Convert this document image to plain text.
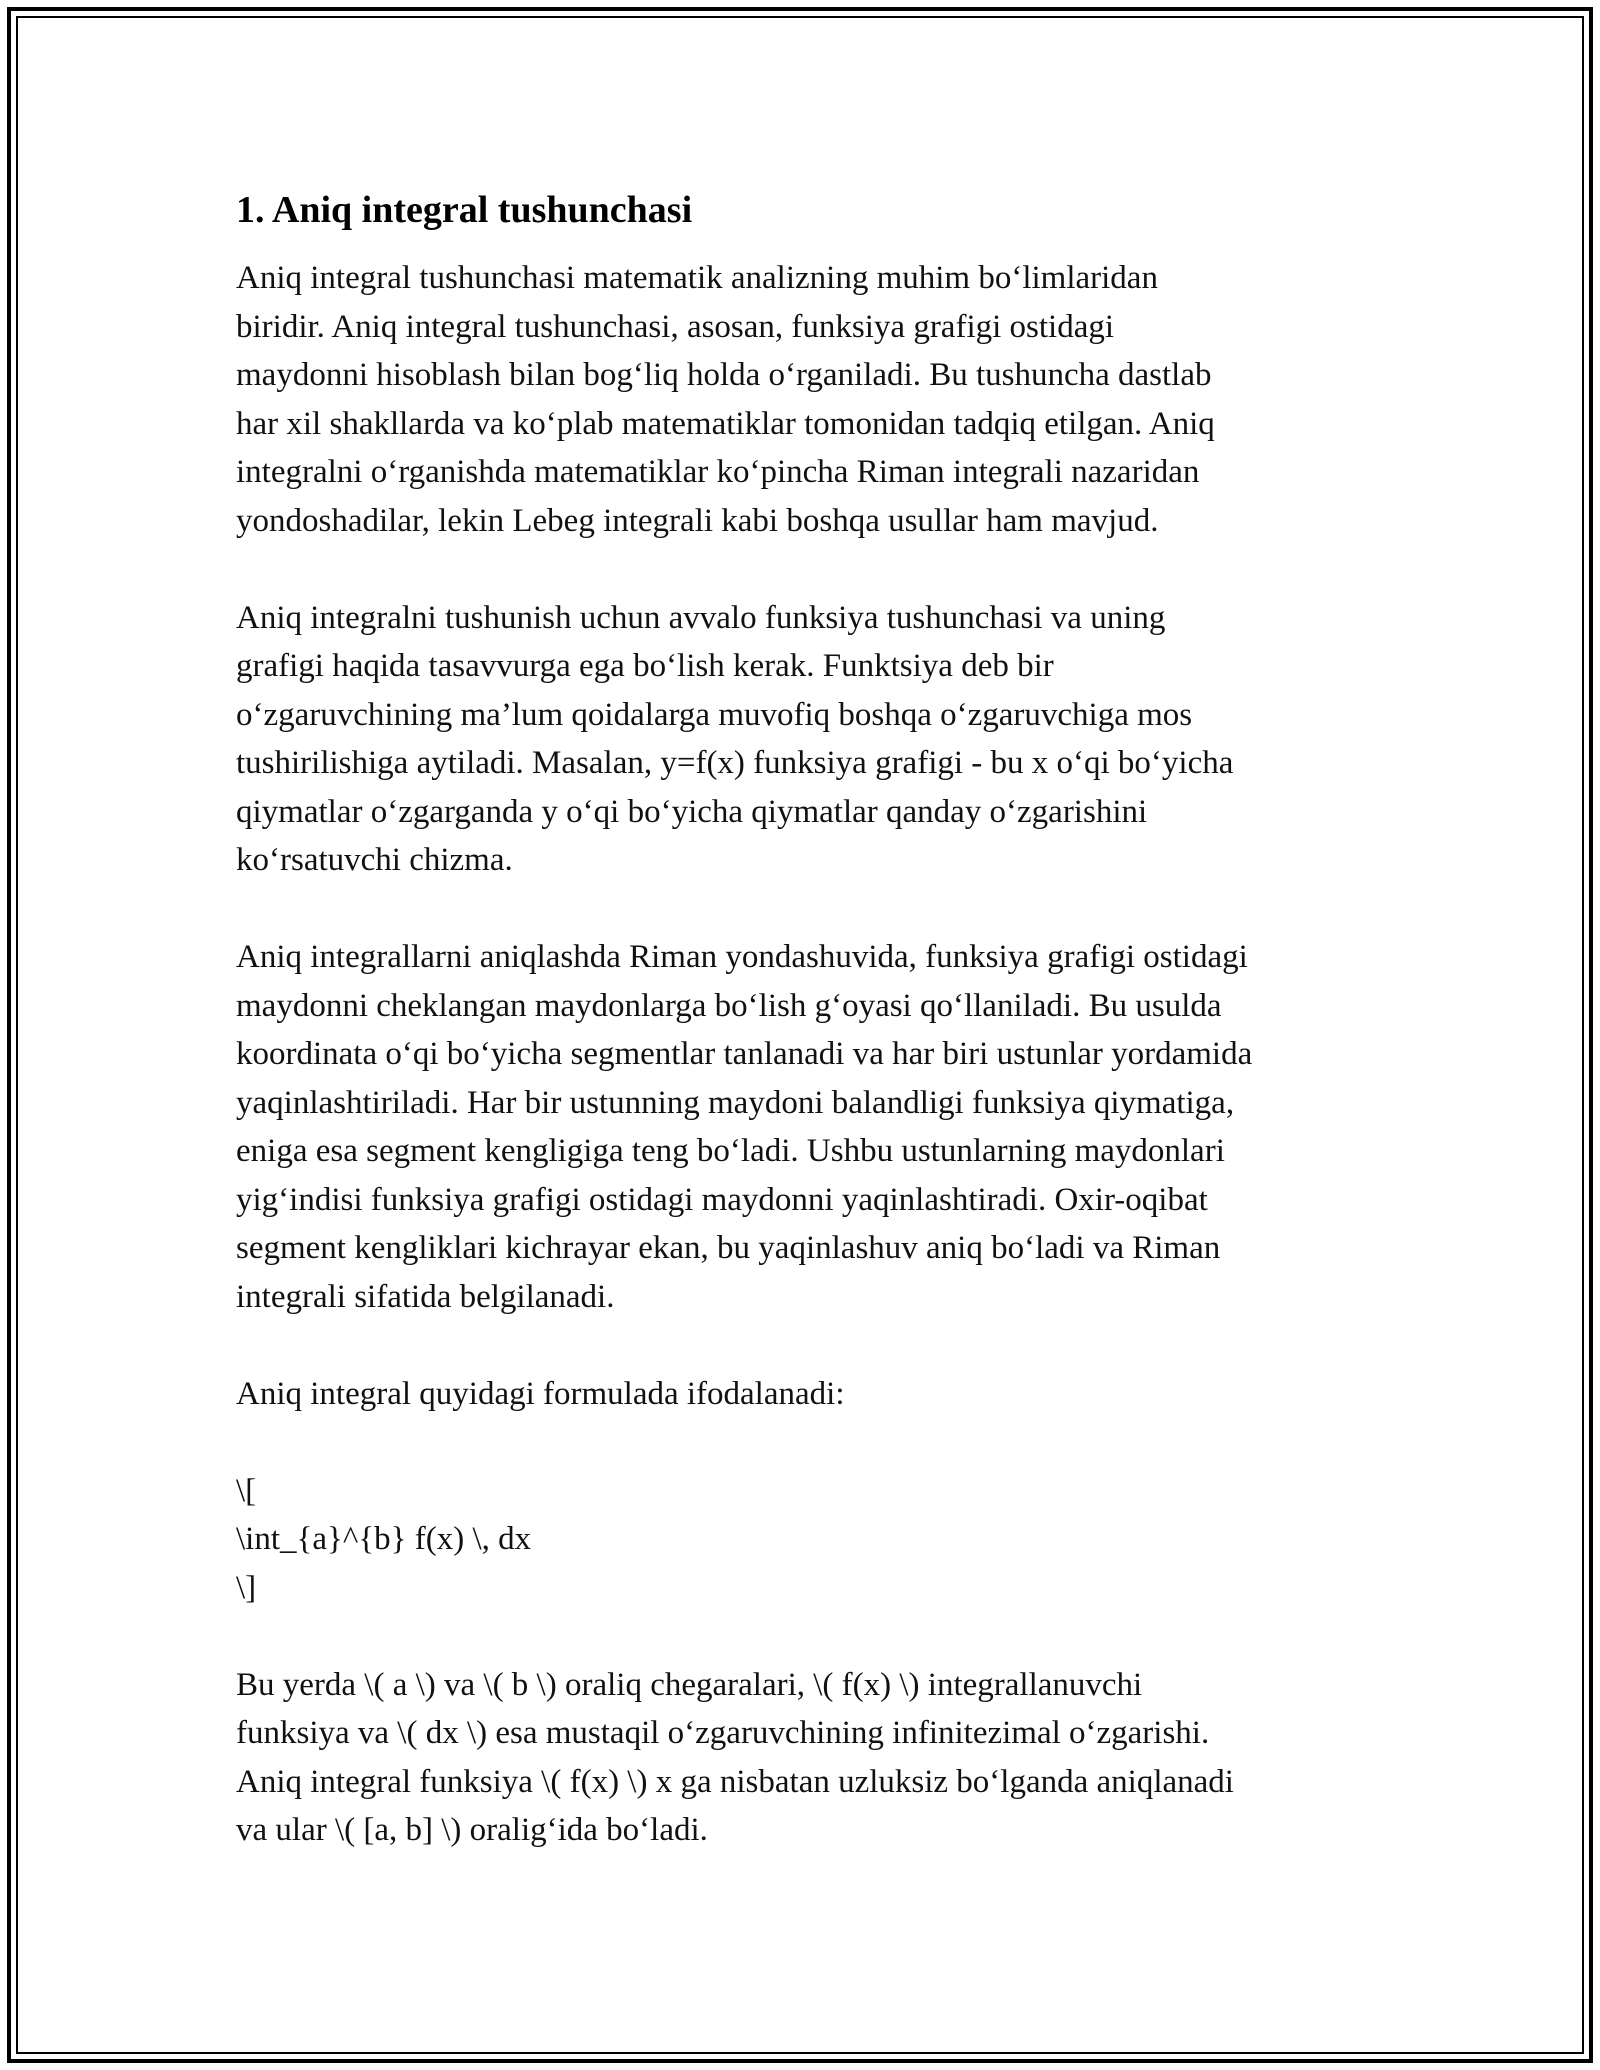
1. Aniq integral tushunchasi

Aniq integral tushunchasi matematik analizning muhim bo‘limlaridan
biridir. Aniq integral tushunchasi, asosan, funksiya grafigi ostidagi
maydonni hisoblash bilan bog‘liq holda o‘rganiladi. Bu tushuncha dastlab
har xil shakllarda va ko‘plab matematiklar tomonidan tadqiq etilgan. Aniq
integralni o‘rganishda matematiklar ko‘pincha Riman integrali nazaridan
yondoshadilar, lekin Lebeg integrali kabi boshqa usullar ham mavjud.

Aniq integralni tushunish uchun avvalo funksiya tushunchasi va uning
grafigi haqida tasavvurga ega bo‘lish kerak. Funktsiya deb bir
o‘zgaruvchining ma’lum qoidalarga muvofiq boshqa o‘zgaruvchiga mos
tushirilishiga aytiladi. Masalan, y=f(x) funksiya grafigi - bu x o‘qi bo‘yicha
qiymatlar o‘zgarganda y o‘qi bo‘yicha qiymatlar qanday o‘zgarishini
ko‘rsatuvchi chizma.

Aniq integrallarni aniqlashda Riman yondashuvida, funksiya grafigi ostidagi
maydonni cheklangan maydonlarga bo‘lish g‘oyasi qo‘llaniladi. Bu usulda
koordinata o‘qi bo‘yicha segmentlar tanlanadi va har biri ustunlar yordamida
yaqinlashtiriladi. Har bir ustunning maydoni balandligi funksiya qiymatiga,
eniga esa segment kengligiga teng bo‘ladi. Ushbu ustunlarning maydonlari
yig‘indisi funksiya grafigi ostidagi maydonni yaqinlashtiradi. Oxir-oqibat
segment kengliklari kichrayar ekan, bu yaqinlashuv aniq bo‘ladi va Riman
integrali sifatida belgilanadi.

Aniq integral quyidagi formulada ifodalanadi:

\[
\int_{a}^{b} f(x) \, dx
\]

Bu yerda \( a \) va \( b \) oraliq chegaralari, \( f(x) \) integrallanuvchi
funksiya va \( dx \) esa mustaqil o‘zgaruvchining infinitezimal o‘zgarishi.
Aniq integral funksiya \( f(x) \) x ga nisbatan uzluksiz bo‘lganda aniqlanadi
va ular \( [a, b] \) oralig‘ida bo‘ladi.
